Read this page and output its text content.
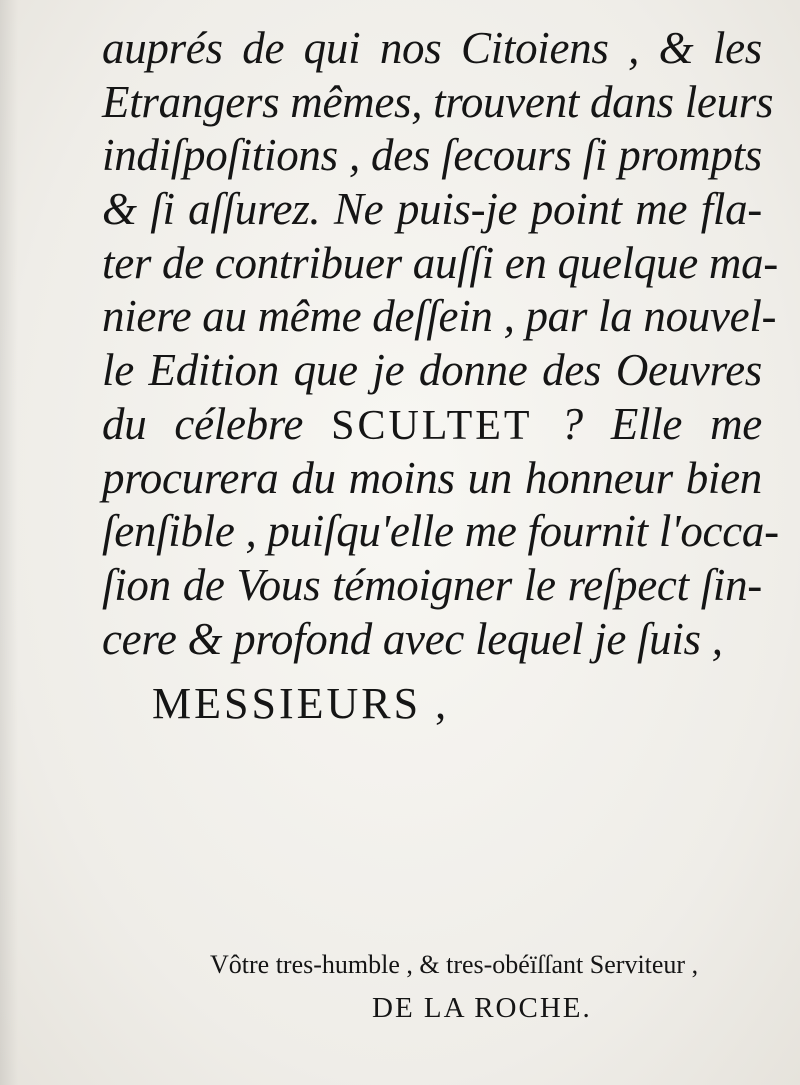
auprés de qui nos Citoiens , & les
Etrangers mêmes, trouvent dans leurs
indiſpoſitions , des ſecours ſi prompts
& ſi aſſurez. Ne puis-je point me fla-
ter de contribuer auſſi en quelque ma-
niere au même deſſein , par la nouvel-
le Edition que je donne des Oeuvres
du célebre SCULTET ? Elle me
procurera du moins un honneur bien
ſenſible , puiſqu'elle me fournit l'occa-
ſion de Vous témoigner le reſpect ſin-
cere & profond avec lequel je ſuis ,
MESSIEURS ,
Vôtre tres-humble , & tres-obéïſſant Serviteur ,
DE LA ROCHE.
